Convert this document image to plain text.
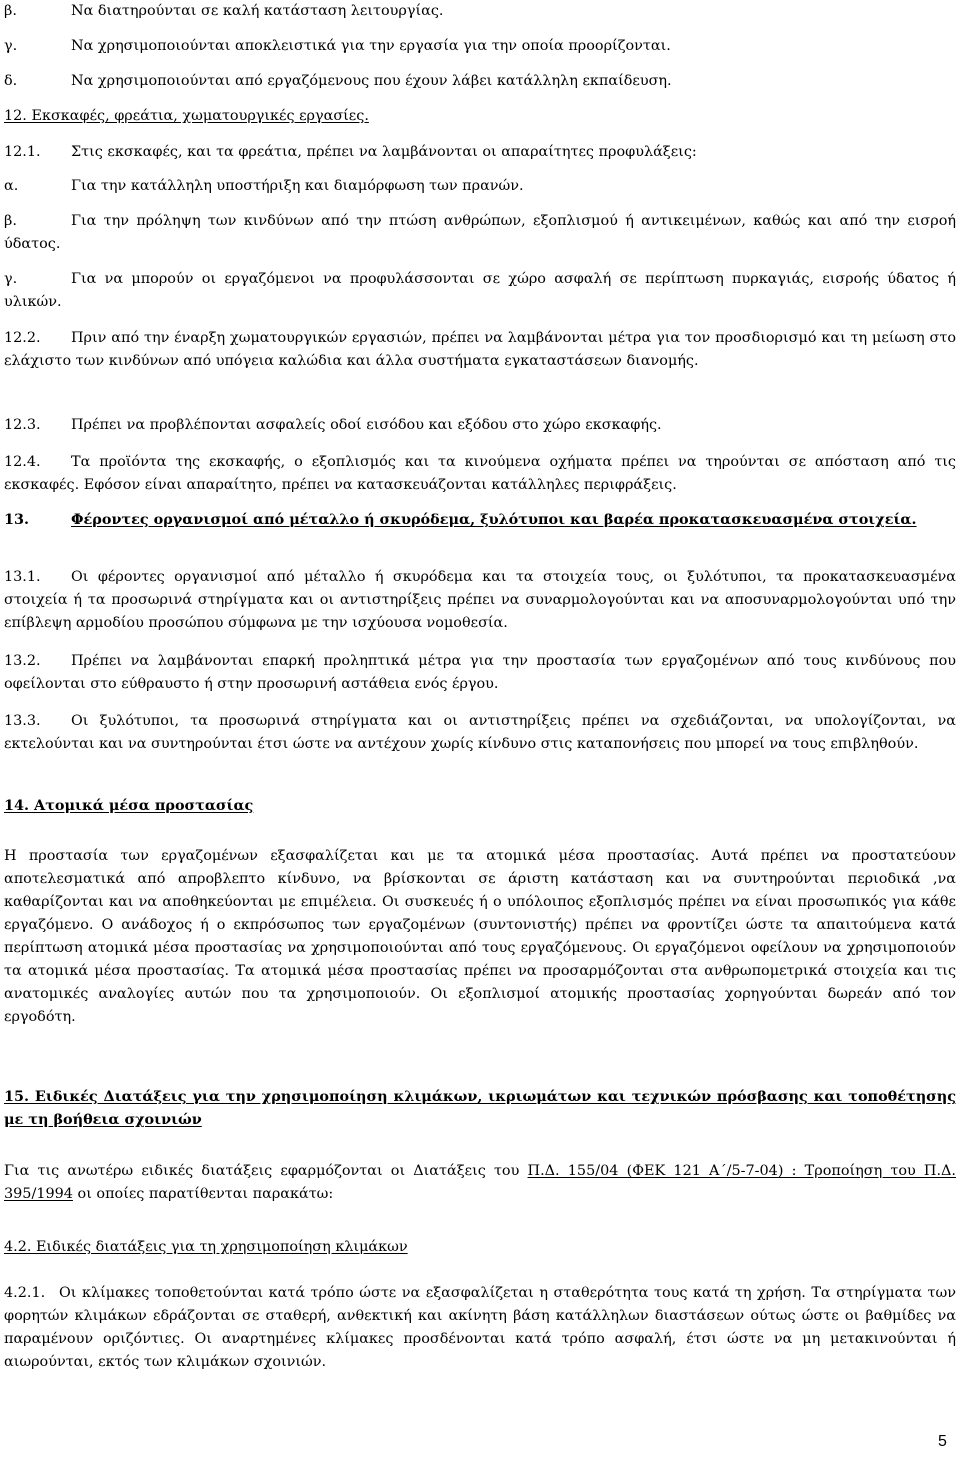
β.	Να διατηρούνται σε καλή κατάσταση λειτουργίας.

γ.	Να χρησιμοποιούνται αποκλειστικά για την εργασία για την οποία προορίζονται.

δ.	Να χρησιμοποιούνται από εργαζόμενους που έχουν λάβει κατάλληλη εκπαίδευση.

12. Εκσκαφές, φρεάτια, χωματουργικές εργασίες.

12.1. Στις εκσκαφές, και τα φρεάτια, πρέπει να λαμβάνονται οι απαραίτητες προφυλάξεις:

α.	Για την κατάλληλη υποστήριξη και διαμόρφωση των πρανών.

β.	Για την πρόληψη των κινδύνων από την πτώση ανθρώπων, εξοπλισμού ή αντικειμένων, καθώς και από την εισροή ύδατος.

γ.	Για να μπορούν οι εργαζόμενοι να προφυλάσσονται σε χώρο ασφαλή σε περίπτωση πυρκαγιάς, εισροής ύδατος ή υλικών.

12.2. Πριν από την έναρξη χωματουργικών εργασιών, πρέπει να λαμβάνονται μέτρα για τον προσδιορισμό και τη μείωση στο ελάχιστο των κινδύνων από υπόγεια καλώδια και άλλα συστήματα εγκαταστάσεων διανομής.

12.3. Πρέπει να προβλέπονται ασφαλείς οδοί εισόδου και εξόδου στο χώρο εκσκαφής.

12.4. Τα προϊόντα της εκσκαφής, ο εξοπλισμός και τα κινούμενα οχήματα πρέπει να τηρούνται σε απόσταση από τις εκσκαφές. Εφόσον είναι απαραίτητο, πρέπει να κατασκευάζονται κατάλληλες περιφράξεις.

13.	Φέροντες οργανισμοί από μέταλλο ή σκυρόδεμα, ξυλότυποι και βαρέα προκατασκευασμένα στοιχεία.

13.1. Οι φέροντες οργανισμοί από μέταλλο ή σκυρόδεμα και τα στοιχεία τους, οι ξυλότυποι, τα προκατασκευασμένα στοιχεία ή τα προσωρινά στηρίγματα και οι αντιστηρίξεις πρέπει να συναρμολογούνται και να αποσυναρμολογούνται υπό την επίβλεψη αρμοδίου προσώπου σύμφωνα με την ισχύουσα νομοθεσία.

13.2. Πρέπει να λαμβάνονται επαρκή προληπτικά μέτρα για την προστασία των εργαζομένων από τους κινδύνους που οφείλονται στο εύθραυστο ή στην προσωρινή αστάθεια ενός έργου.

13.3. Οι ξυλότυποι, τα προσωρινά στηρίγματα και οι αντιστηρίξεις πρέπει να σχεδιάζονται, να υπολογίζονται, να εκτελούνται και να συντηρούνται έτσι ώστε να αντέχουν χωρίς κίνδυνο στις καταπονήσεις που μπορεί να τους επιβληθούν.

14. Ατομικά μέσα προστασίας

Η προστασία των εργαζομένων εξασφαλίζεται και με τα ατομικά μέσα προστασίας. Αυτά πρέπει να προστατεύουν αποτελεσματικά από απροβλεπτο κίνδυνο, να βρίσκονται σε άριστη κατάσταση και να συντηρούνται περιοδικά ,να καθαρίζονται και να αποθηκεύονται με επιμέλεια. Οι συσκευές ή ο υπόλοιπος εξοπλισμός πρέπει να είναι προσωπικός για κάθε εργαζόμενο. Ο ανάδοχος ή ο εκπρόσωπος των εργαζομένων (συντονιστής) πρέπει να φροντίζει ώστε τα απαιτούμενα κατά περίπτωση ατομικά μέσα προστασίας να χρησιμοποιούνται από τους εργαζόμενους. Οι εργαζόμενοι οφείλουν να χρησιμοποιούν τα ατομικά μέσα προστασίας. Τα ατομικά μέσα προστασίας πρέπει να προσαρμόζονται στα ανθρωπομετρικά στοιχεία και τις ανατομικές αναλογίες αυτών που τα χρησιμοποιούν. Οι εξοπλισμοί ατομικής προστασίας χορηγούνται δωρεάν από τον εργοδότη.

15. Ειδικές Διατάξεις για την χρησιμοποίηση κλιμάκων, ικριωμάτων και τεχνικών πρόσβασης και τοποθέτησης με τη βοήθεια σχοινιών

Για τις ανωτέρω ειδικές διατάξεις εφαρμόζονται οι Διατάξεις του Π.Δ. 155/04 (ΦΕΚ 121 Α΄/5-7-04) : Τροποίηση του Π.Δ. 395/1994 οι οποίες παρατίθενται παρακάτω:

4.2. Ειδικές διατάξεις για τη χρησιμοποίηση κλιμάκων

4.2.1. Οι κλίμακες τοποθετούνται κατά τρόπο ώστε να εξασφαλίζεται η σταθερότητα τους κατά τη χρήση. Τα στηρίγματα των φορητών κλιμάκων εδράζονται σε σταθερή, ανθεκτική και ακίνητη βάση κατάλληλων διαστάσεων ούτως ώστε οι βαθμίδες να παραμένουν οριζόντιες. Οι αναρτημένες κλίμακες προσδένονται κατά τρόπο ασφαλή, έτσι ώστε να μη μετακινούνται ή αιωρούνται, εκτός των κλιμάκων σχοινιών.

5
